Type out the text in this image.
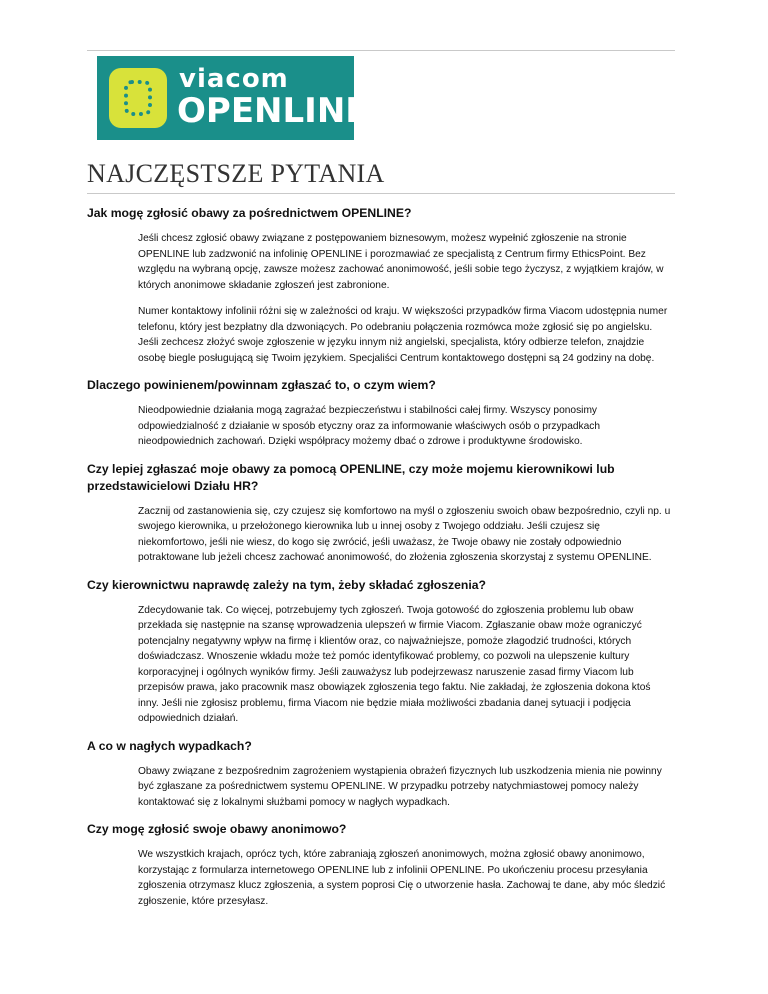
viacom
OPENLINE
NAJCZĘSTSZE PYTANIA
Jak mogę zgłosić obawy za pośrednictwem OPENLINE?

Jeśli chcesz zgłosić obawy związane z postępowaniem biznesowym, możesz wypełnić zgłoszenie na stronie OPENLINE lub zadzwonić na infolinię OPENLINE i porozmawiać ze specjalistą z Centrum firmy EthicsPoint. Bez względu na wybraną opcję, zawsze możesz zachować anonimowość, jeśli sobie tego życzysz, z wyjątkiem krajów, w których anonimowe składanie zgłoszeń jest zabronione.

Numer kontaktowy infolinii różni się w zależności od kraju. W większości przypadków firma Viacom udostępnia numer telefonu, który jest bezpłatny dla dzwoniących. Po odebraniu połączenia rozmówca może zgłosić się po angielsku. Jeśli zechcesz złożyć swoje zgłoszenie w języku innym niż angielski, specjalista, który odbierze telefon, znajdzie osobę biegle posługującą się Twoim językiem. Specjaliści Centrum kontaktowego dostępni są 24 godziny na dobę.

Dlaczego powinienem/powinnam zgłaszać to, o czym wiem?

Nieodpowiednie działania mogą zagrażać bezpieczeństwu i stabilności całej firmy. Wszyscy ponosimy odpowiedzialność z działanie w sposób etyczny oraz za informowanie właściwych osób o przypadkach nieodpowiednich zachowań. Dzięki współpracy możemy dbać o zdrowe i produktywne środowisko.

Czy lepiej zgłaszać moje obawy za pomocą OPENLINE, czy może mojemu kierownikowi lub przedstawicielowi Działu HR?

Zacznij od zastanowienia się, czy czujesz się komfortowo na myśl o zgłoszeniu swoich obaw bezpośrednio, czyli np. u swojego kierownika, u przełożonego kierownika lub u innej osoby z Twojego oddziału. Jeśli czujesz się niekomfortowo, jeśli nie wiesz, do kogo się zwrócić, jeśli uważasz, że Twoje obawy nie zostały odpowiednio potraktowane lub jeżeli chcesz zachować anonimowość, do złożenia zgłoszenia skorzystaj z systemu OPENLINE.

Czy kierownictwu naprawdę zależy na tym, żeby składać zgłoszenia?

Zdecydowanie tak. Co więcej, potrzebujemy tych zgłoszeń. Twoja gotowość do zgłoszenia problemu lub obaw przekłada się następnie na szansę wprowadzenia ulepszeń w firmie Viacom. Zgłaszanie obaw może ograniczyć potencjalny negatywny wpływ na firmę i klientów oraz, co najważniejsze, pomoże złagodzić trudności, których doświadczasz. Wnoszenie wkładu może też pomóc identyfikować problemy, co pozwoli na ulepszenie kultury korporacyjnej i ogólnych wyników firmy. Jeśli zauważysz lub podejrzewasz naruszenie zasad firmy Viacom lub przepisów prawa, jako pracownik masz obowiązek zgłoszenia tego faktu. Nie zakładaj, że zgłoszenia dokona ktoś inny. Jeśli nie zgłosisz problemu, firma Viacom nie będzie miała możliwości zbadania danej sytuacji i podjęcia odpowiednich działań.

A co w nagłych wypadkach?

Obawy związane z bezpośrednim zagrożeniem wystąpienia obrażeń fizycznych lub uszkodzenia mienia nie powinny być zgłaszane za pośrednictwem systemu OPENLINE. W przypadku potrzeby natychmiastowej pomocy należy kontaktować się z lokalnymi służbami pomocy w nagłych wypadkach.

Czy mogę zgłosić swoje obawy anonimowo?

We wszystkich krajach, oprócz tych, które zabraniają zgłoszeń anonimowych, można zgłosić obawy anonimowo, korzystając z formularza internetowego OPENLINE lub z infolinii OPENLINE. Po ukończeniu procesu przesyłania zgłoszenia otrzymasz klucz zgłoszenia, a system poprosi Cię o utworzenie hasła. Zachowaj te dane, aby móc śledzić zgłoszenie, które przesyłasz.
